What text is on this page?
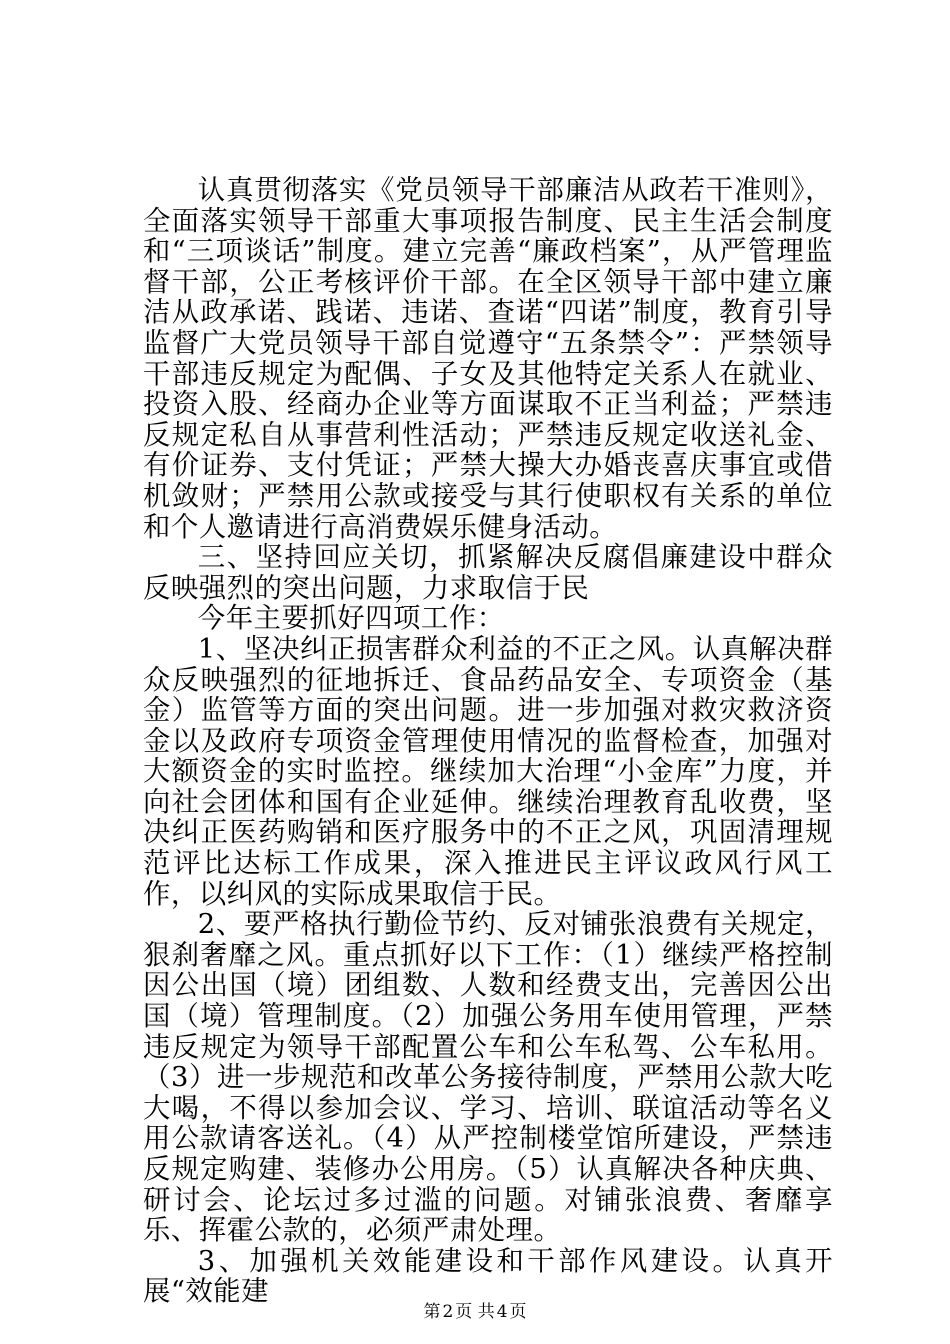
认真贯彻落实《党员领导干部廉洁从政若干准则》，全面落实领导干部重大事项报告制度、民主生活会制度和“三项谈话”制度。建立完善“廉政档案”，从严管理监督干部，公正考核评价干部。在全区领导干部中建立廉洁从政承诺、践诺、违诺、查诺“四诺”制度，教育引导监督广大党员领导干部自觉遵守“五条禁令”：严禁领导干部违反规定为配偶、子女及其他特定关系人在就业、投资入股、经商办企业等方面谋取不正当利益；严禁违反规定私自从事营利性活动；严禁违反规定收送礼金、有价证券、支付凭证；严禁大操大办婚丧喜庆事宜或借机敛财；严禁用公款或接受与其行使职权有关系的单位和个人邀请进行高消费娱乐健身活动。

三、坚持回应关切，抓紧解决反腐倡廉建设中群众反映强烈的突出问题，力求取信于民

今年主要抓好四项工作：

1、坚决纠正损害群众利益的不正之风。认真解决群众反映强烈的征地拆迁、食品药品安全、专项资金（基金）监管等方面的突出问题。进一步加强对救灾救济资金以及政府专项资金管理使用情况的监督检查，加强对大额资金的实时监控。继续加大治理“小金库”力度，并向社会团体和国有企业延伸。继续治理教育乱收费，坚决纠正医药购销和医疗服务中的不正之风，巩固清理规范评比达标工作成果，深入推进民主评议政风行风工作，以纠风的实际成果取信于民。

2、要严格执行勤俭节约、反对铺张浪费有关规定，狠刹奢靡之风。重点抓好以下工作：（1）继续严格控制因公出国（境）团组数、人数和经费支出，完善因公出国（境）管理制度。（2）加强公务用车使用管理，严禁违反规定为领导干部配置公车和公车私驾、公车私用。（3）进一步规范和改革公务接待制度，严禁用公款大吃大喝，不得以参加会议、学习、培训、联谊活动等名义用公款请客送礼。（4）从严控制楼堂馆所建设，严禁违反规定购建、装修办公用房。（5）认真解决各种庆典、研讨会、论坛过多过滥的问题。对铺张浪费、奢靡享乐、挥霍公款的，必须严肃处理。

3、加强机关效能建设和干部作风建设。认真开展“效能建

第 2 页 共 4 页
